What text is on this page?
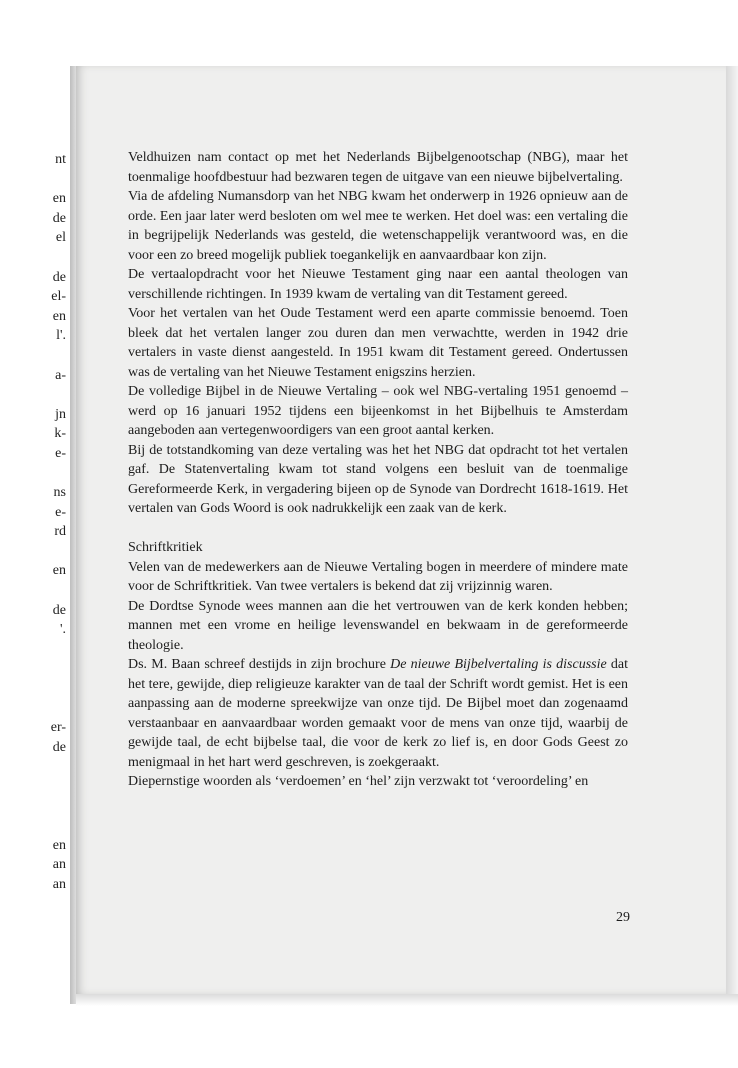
nt
en
de
el
de
el-
en
l'.
a-
jn
k-
e-
ns
e-
rd
en
de
'.
er-
de
en
an
an

Veldhuizen nam contact op met het Nederlands Bijbelgenootschap (NBG), maar het toenmalige hoofdbestuur had bezwaren tegen de uitgave van een nieuwe bijbelvertaling.

Via de afdeling Numansdorp van het NBG kwam het onderwerp in 1926 opnieuw aan de orde. Een jaar later werd besloten om wel mee te werken. Het doel was: een vertaling die in begrijpelijk Nederlands was gesteld, die wetenschappelijk verantwoord was, en die voor een zo breed mogelijk publiek toegankelijk en aanvaardbaar kon zijn.

De vertaalopdracht voor het Nieuwe Testament ging naar een aantal theologen van verschillende richtingen. In 1939 kwam de vertaling van dit Testament gereed.

Voor het vertalen van het Oude Testament werd een aparte commissie benoemd. Toen bleek dat het vertalen langer zou duren dan men verwachtte, werden in 1942 drie vertalers in vaste dienst aangesteld. In 1951 kwam dit Testament gereed. Ondertussen was de vertaling van het Nieuwe Testament enigszins herzien.

De volledige Bijbel in de Nieuwe Vertaling – ook wel NBG-vertaling 1951 genoemd – werd op 16 januari 1952 tijdens een bijeenkomst in het Bijbelhuis te Amsterdam aangeboden aan vertegenwoordigers van een groot aantal kerken.

Bij de totstandkoming van deze vertaling was het het NBG dat opdracht tot het vertalen gaf. De Statenvertaling kwam tot stand volgens een besluit van de toenmalige Gereformeerde Kerk, in vergadering bijeen op de Synode van Dordrecht 1618-1619. Het vertalen van Gods Woord is ook nadrukkelijk een zaak van de kerk.

Schriftkritiek

Velen van de medewerkers aan de Nieuwe Vertaling bogen in meerdere of mindere mate voor de Schriftkritiek. Van twee vertalers is bekend dat zij vrijzinnig waren.

De Dordtse Synode wees mannen aan die het vertrouwen van de kerk konden hebben; mannen met een vrome en heilige levenswandel en bekwaam in de gereformeerde theologie.

Ds. M. Baan schreef destijds in zijn brochure De nieuwe Bijbelvertaling is discussie dat het tere, gewijde, diep religieuze karakter van de taal der Schrift wordt gemist. Het is een aanpassing aan de moderne spreekwijze van onze tijd. De Bijbel moet dan zogenaamd verstaanbaar en aanvaardbaar worden gemaakt voor de mens van onze tijd, waarbij de gewijde taal, de echt bijbelse taal, die voor de kerk zo lief is, en door Gods Geest zo menigmaal in het hart werd geschreven, is zoekgeraakt.

Diepernstige woorden als ‘verdoemen’ en ‘hel’ zijn verzwakt tot ‘veroordeling’ en

29
